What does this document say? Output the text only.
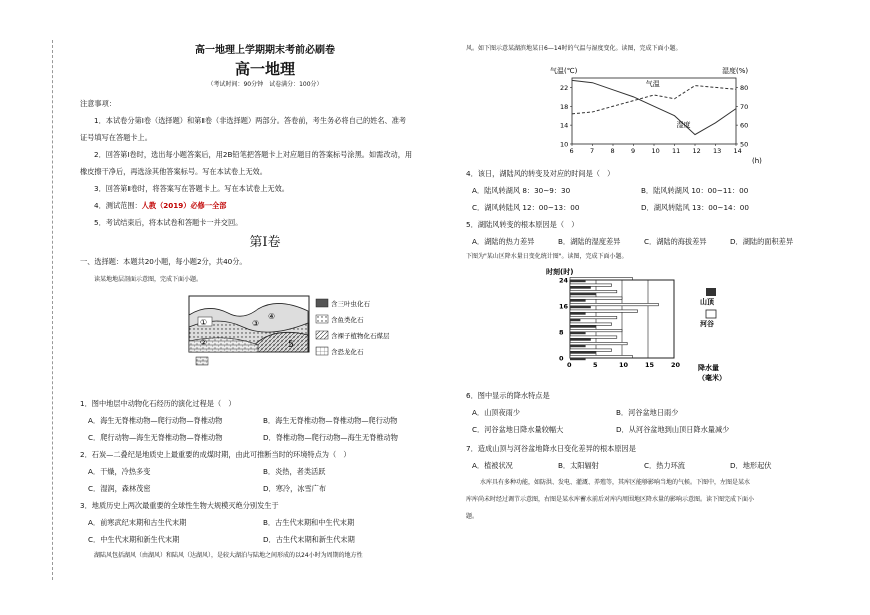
高一地理上学期期末考前必刷卷
高一地理
（考试时间：90分钟　试卷满分：100分）
注意事项：
1．本试卷分第Ⅰ卷（选择题）和第Ⅱ卷（非选择题）两部分。答卷前，考生务必将自己的姓名、准考
证号填写在答题卡上。
2．回答第Ⅰ卷时，选出每小题答案后，用2B铅笔把答题卡上对应题目的答案标号涂黑。如需改动，用
橡皮擦干净后，再选涂其他答案标号。写在本试卷上无效。
3．回答第Ⅱ卷时，将答案写在答题卡上。写在本试卷上无效。
4．测试范围：人教（2019）必修一全部
5．考试结束后，将本试卷和答题卡一并交回。
第Ⅰ卷
一、选择题：本题共20小题，每小题2分，共40分。
读某地地层剖面示意图，完成下面小题。
①
②
③
④
5
含三叶虫化石
含鱼类化石
含裸子植物化石煤层
含恐龙化石
1．图中地层中动物化石经历的演化过程是（　）
A．海生无脊椎动物—爬行动物—脊椎动物	B．海生无脊椎动物—脊椎动物—爬行动物
C．爬行动物—海生无脊椎动物—脊椎动物	D．脊椎动物—爬行动物—海生无脊椎动物
2．石炭—二叠纪是地质史上最重要的成煤时期，由此可推断当时的环境特点为（　）
A．干燥，冷热多变	B．炎热，者类活跃
C．湿润，森林茂密	D．寒冷，冰雪广布
3．地质历史上两次最重要的全球性生物大规模灭绝分别发生于
A．前寒武纪末期和古生代末期	B．古生代末期和中生代末期
C．中生代末期和新生代末期	D．古生代末期和新生代末期
湖陆风包括湖风（由湖风）和陆风（达湖风），是较大湖泊与陆地之间形成的以24小时为周期的地方性
风。如下图示意某湖滨地某日6—14时的气温与湿度变化。读图，完成下面小题。
气温(℃)	湿度(%)
(h)
6	7	8	9	10 11 12 13 14
10
14
18
22
50
60
70
80
气温
湿度
4．该日，湖陆风的转变及对应的时间是（　）
A．陆风转湖风 8：30~9：30	B．陆风转湖风 10：00~11：00
C．湖风转陆风 12：00~13：00	D．湖风转陆风 13：00~14：00
5．湖陆风转变的根本原因是（　）
A．湖陆的热力差异	B．湖陆的湿度差异	C．湖陆的海拔差异	D．湖陆的面积差异
下图为"某山区降水量日变化统计图"。读图，完成下面小题。
时刻(时)
降水量
（毫米）
0	5	10	15	20
0
8
16
24
山顶
河谷
6．图中显示的降水特点是
A．山顶夜雨少	B．河谷盆地日雨少
C．河谷盆地日降水量较幅大	D．从河谷盆地到山顶日降水量减少
7．造成山顶与河谷盆地降水日变化差异的根本原因是
A．植被状况	B．太阳辐射	C．热力环流	D．地形起伏
水库具有多种功能，如防洪、发电、灌溉、养殖等，其库区能够影响当地的气候。下图中，左图是某水
库库尚未时经过调节示意图，右图是某水库蓄水前后对库内周围地区降水量的影响示意图。读下图完成下面小
题。
